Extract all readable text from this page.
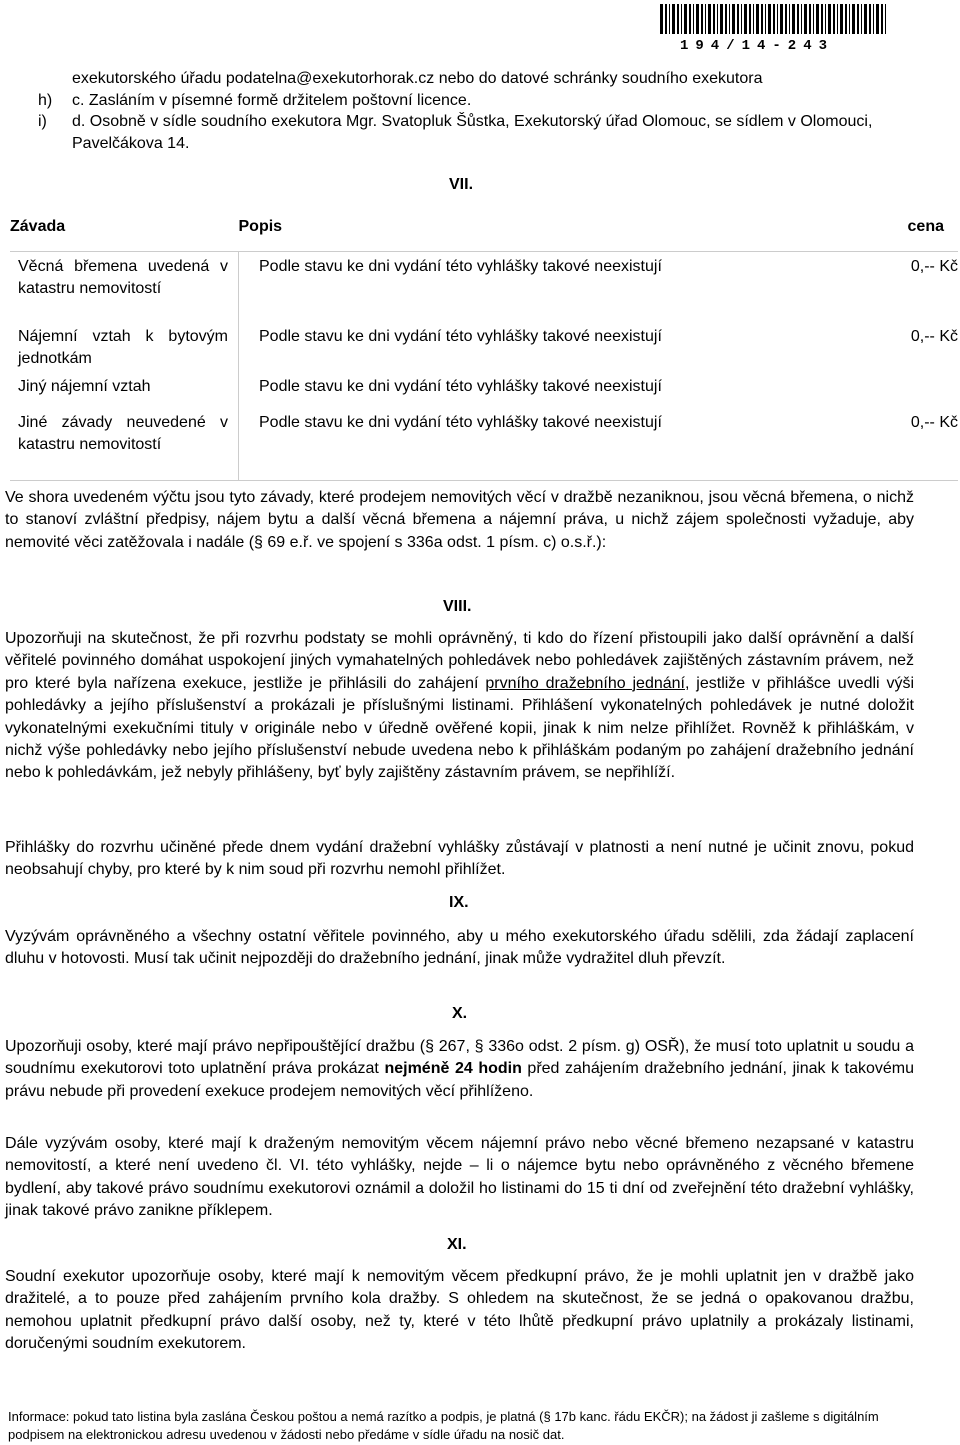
194/14-243
exekutorského úřadu podatelna@exekutorhorak.cz nebo do datové schránky soudního exekutora
h) c. Zasláním v písemné formě držitelem poštovní licence.
i) d. Osobně v sídle soudního exekutora Mgr. Svatopluk Šůstka, Exekutorský úřad Olomouc, se sídlem v Olomouci, Pavelčákova 14.
VII.
Závada	Popis	cena
Věcná břemena uvedená v katastru nemovitostí	Podle stavu ke dni vydání této vyhlášky takové neexistují	0,-- Kč
Nájemní vztah k bytovým jednotkám	Podle stavu ke dni vydání této vyhlášky takové neexistují	0,-- Kč
Jiný nájemní vztah	Podle stavu ke dni vydání této vyhlášky takové neexistují	
Jiné závady neuvedené v katastru nemovitostí	Podle stavu ke dni vydání této vyhlášky takové neexistují	0,-- Kč

Ve shora uvedeném výčtu jsou tyto závady, které prodejem nemovitých věcí v dražbě nezaniknou, jsou věcná břemena, o nichž to stanoví zvláštní předpisy, nájem bytu a další věcná břemena a nájemní práva, u nichž zájem společnosti vyžaduje, aby nemovité věci zatěžovala i nadále (§ 69 e.ř. ve spojení s 336a odst. 1 písm. c) o.s.ř.):

VIII.

Upozorňuji na skutečnost, že při rozvrhu podstaty se mohli oprávněný, ti kdo do řízení přistoupili jako další oprávnění a další věřitelé povinného domáhat uspokojení jiných vymahatelných pohledávek nebo pohledávek zajištěných zástavním právem, než pro které byla nařízena exekuce, jestliže je přihlásili do zahájení prvního dražebního jednání, jestliže v přihlášce uvedli výši pohledávky a jejího příslušenství a prokázali je příslušnými listinami. Přihlášení vykonatelných pohledávek je nutné doložit vykonatelnými exekučními tituly v originále nebo v úředně ověřené kopii, jinak k nim nelze přihlížet. Rovněž k přihláškám, v nichž výše pohledávky nebo jejího příslušenství nebude uvedena nebo k přihláškám podaným po zahájení dražebního jednání nebo k pohledávkám, jež nebyly přihlášeny, byť byly zajištěny zástavním právem, se nepřihlíží.

Přihlášky do rozvrhu učiněné přede dnem vydání dražební vyhlášky zůstávají v platnosti a není nutné je učinit znovu, pokud neobsahují chyby, pro které by k nim soud při rozvrhu nemohl přihlížet.

IX.

Vyzývám oprávněného a všechny ostatní věřitele povinného, aby u mého exekutorského úřadu sdělili, zda žádají zaplacení dluhu v hotovosti. Musí tak učinit nejpozději do dražebního jednání, jinak může vydražitel dluh převzít.

X.

Upozorňuji osoby, které mají právo nepřipouštějící dražbu (§ 267, § 336o odst. 2 písm. g) OSŘ), že musí toto uplatnit u soudu a soudnímu exekutorovi toto uplatnění práva prokázat nejméně 24 hodin před zahájením dražebního jednání, jinak k takovému právu nebude při provedení exekuce prodejem nemovitých věcí přihlíženo.

Dále vyzývám osoby, které mají k draženým nemovitým věcem nájemní právo nebo věcné břemeno nezapsané v katastru nemovitostí, a které není uvedeno čl. VI. této vyhlášky, nejde – li o nájemce bytu nebo oprávněného z věcného břemene bydlení, aby takové právo soudnímu exekutorovi oznámil a doložil ho listinami do 15 ti dní od zveřejnění této dražební vyhlášky, jinak takové právo zanikne příklepem.

XI.

Soudní exekutor upozorňuje osoby, které mají k nemovitým věcem předkupní právo, že je mohli uplatnit jen v dražbě jako dražitelé, a to pouze před zahájením prvního kola dražby. S ohledem na skutečnost, že se jedná o opakovanou dražbu, nemohou uplatnit předkupní právo další osoby, než ty, které v této lhůtě předkupní právo uplatnily a prokázaly listinami, doručenými soudním exekutorem.

Informace: pokud tato listina byla zaslána Českou poštou a nemá razítko a podpis, je platná (§ 17b kanc. řádu EKČR); na žádost ji zašleme s digitálním podpisem na elektronickou adresu uvedenou v žádosti nebo předáme v sídle úřadu na nosič dat.
